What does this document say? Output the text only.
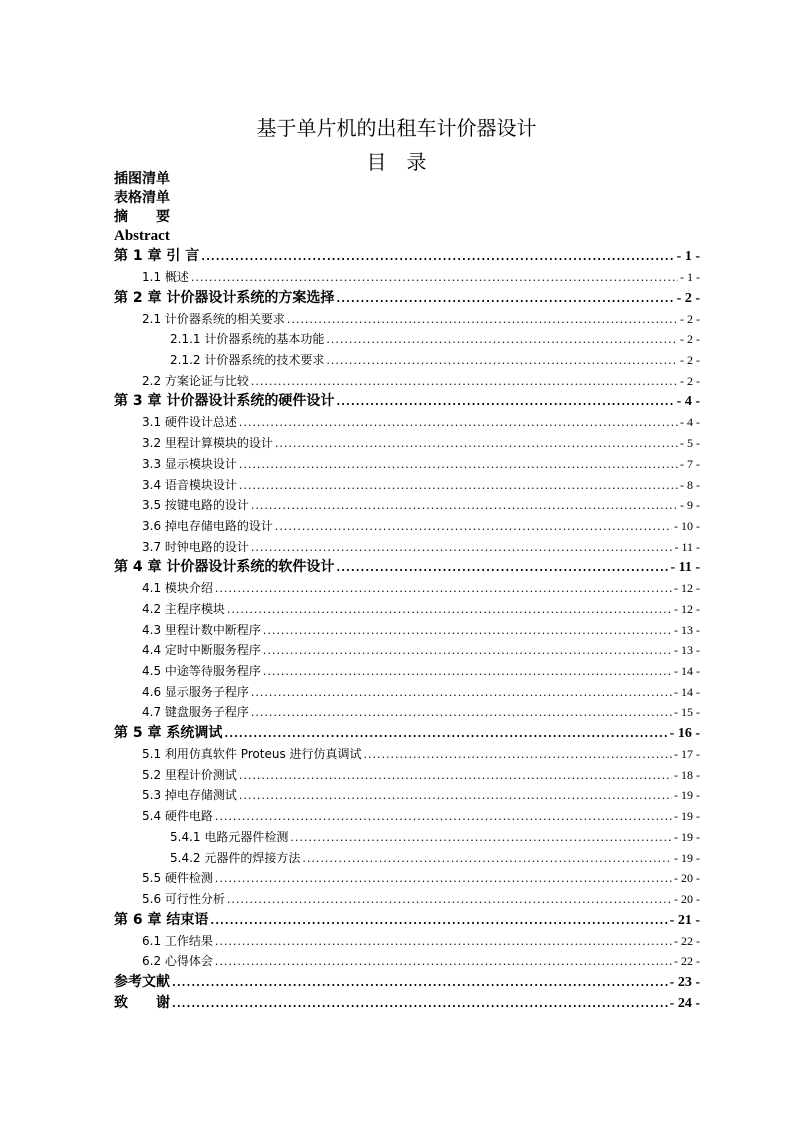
基于单片机的出租车计价器设计
目　录
插图清单
表格清单
摘　　要
Abstract
第 1 章 引 言 .....	- 1 -
1.1 概述 .....	- 1 -
第 2 章 计价器设计系统的方案选择 .....	- 2 -
2.1 计价器系统的相关要求 .....	- 2 -
2.1.1 计价器系统的基本功能 .....	- 2 -
2.1.2 计价器系统的技术要求 .....	- 2 -
2.2 方案论证与比较 .....	- 2 -
第 3 章 计价器设计系统的硬件设计 .....	- 4 -
3.1 硬件设计总述 .....	- 4 -
3.2 里程计算模块的设计 .....	- 5 -
3.3 显示模块设计 .....	- 7 -
3.4 语音模块设计 .....	- 8 -
3.5 按键电路的设计 .....	- 9 -
3.6 掉电存储电路的设计 .....	- 10 -
3.7 时钟电路的设计 .....	- 11 -
第 4 章 计价器设计系统的软件设计 .....	- 11 -
4.1 模块介绍 .....	- 12 -
4.2 主程序模块 .....	- 12 -
4.3 里程计数中断程序 .....	- 13 -
4.4 定时中断服务程序 .....	- 13 -
4.5 中途等待服务程序 .....	- 14 -
4.6 显示服务子程序 .....	- 14 -
4.7 键盘服务子程序 .....	- 15 -
第 5 章 系统调试 .....	- 16 -
5.1 利用仿真软件 Proteus 进行仿真调试 .....	- 17 -
5.2 里程计价测试 .....	- 18 -
5.3 掉电存储测试 .....	- 19 -
5.4 硬件电路 .....	- 19 -
5.4.1 电路元器件检测 .....	- 19 -
5.4.2 元器件的焊接方法 .....	- 19 -
5.5 硬件检测 .....	- 20 -
5.6 可行性分析 .....	- 20 -
第 6 章 结束语 .....	- 21 -
6.1 工作结果 .....	- 22 -
6.2 心得体会 .....	- 22 -
参考文献 .....	- 23 -
致　　谢 .....	- 24 -
